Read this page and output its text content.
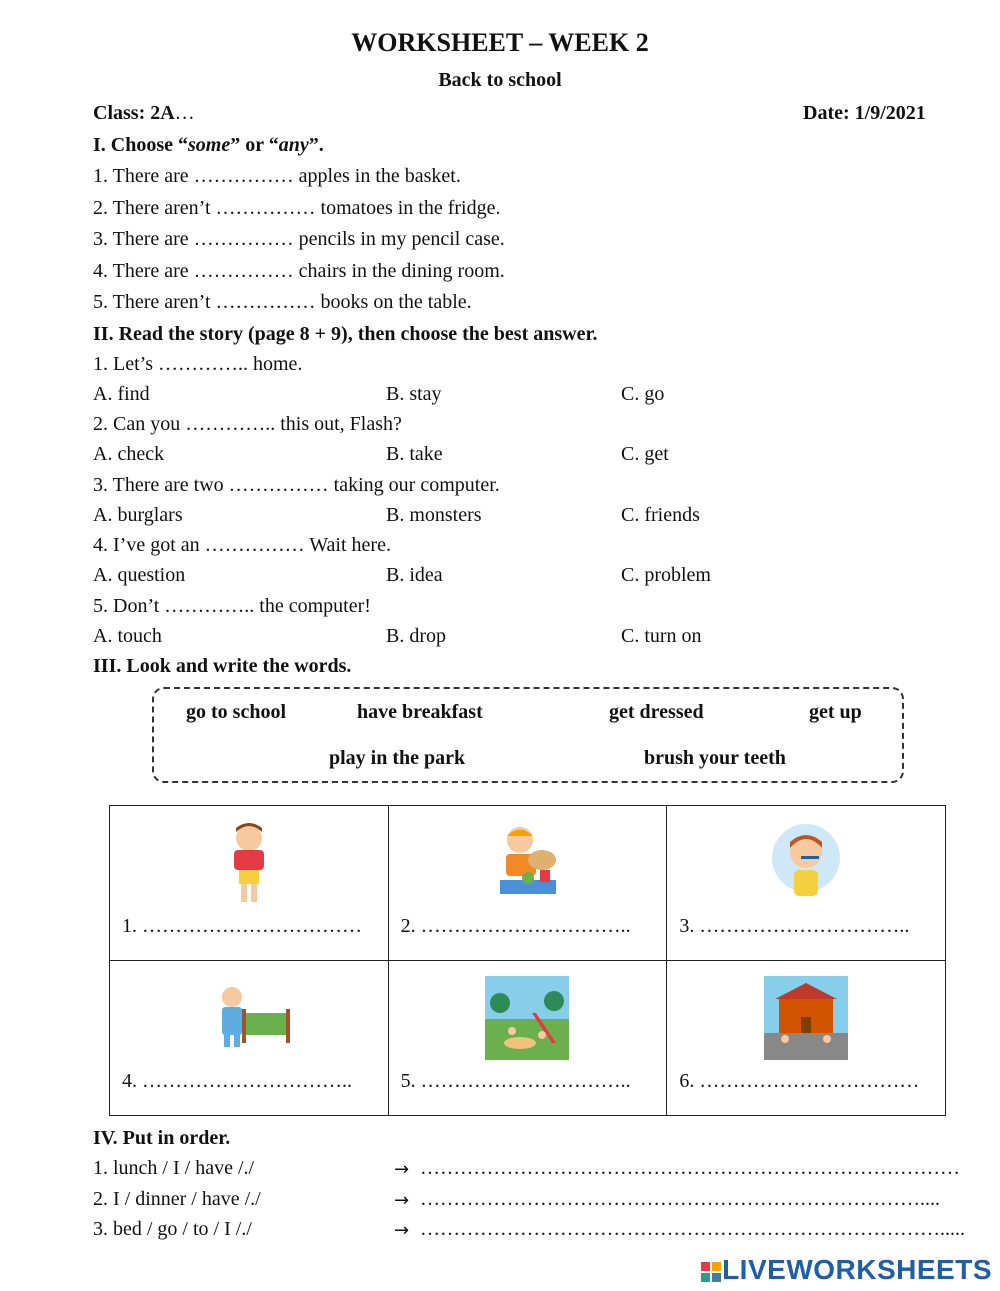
WORKSHEET – WEEK 2
Back to school
Class: 2A…	Date: 1/9/2021
I. Choose “some” or “any”.
1. There are …………… apples in the basket.
2. There aren’t …………… tomatoes in the fridge.
3. There are …………… pencils in my pencil case.
4. There are …………… chairs in the dining room.
5. There aren’t …………… books on the table.
II. Read the story (page 8 + 9), then choose the best answer.
1. Let’s ………….. home.
A. find	B. stay	C. go
2. Can you ………….. this out, Flash?
A. check	B. take	C. get
3. There are two …………… taking our computer.
A. burglars	B. monsters	C. friends
4. I’ve got an …………… Wait here.
A. question	B. idea	C. problem
5. Don’t ………….. the computer!
A. touch	B. drop	C. turn on
III. Look and write the words.
go to school	have breakfast	get dressed	get up
play in the park	brush your teeth
1. ……………………………	2. …………………………..	3. …………………………..

4. …………………………..	5. …………………………..	6. ……………………………
IV. Put in order.
1. lunch / I / have /./	→ ………………………………………………………………………
2. I / dinner / have /./	→ …………………………………………………………………....
3. bed / go / to / I /./	→ …………………………………………………………………….....

LIVEWORKSHEETS
